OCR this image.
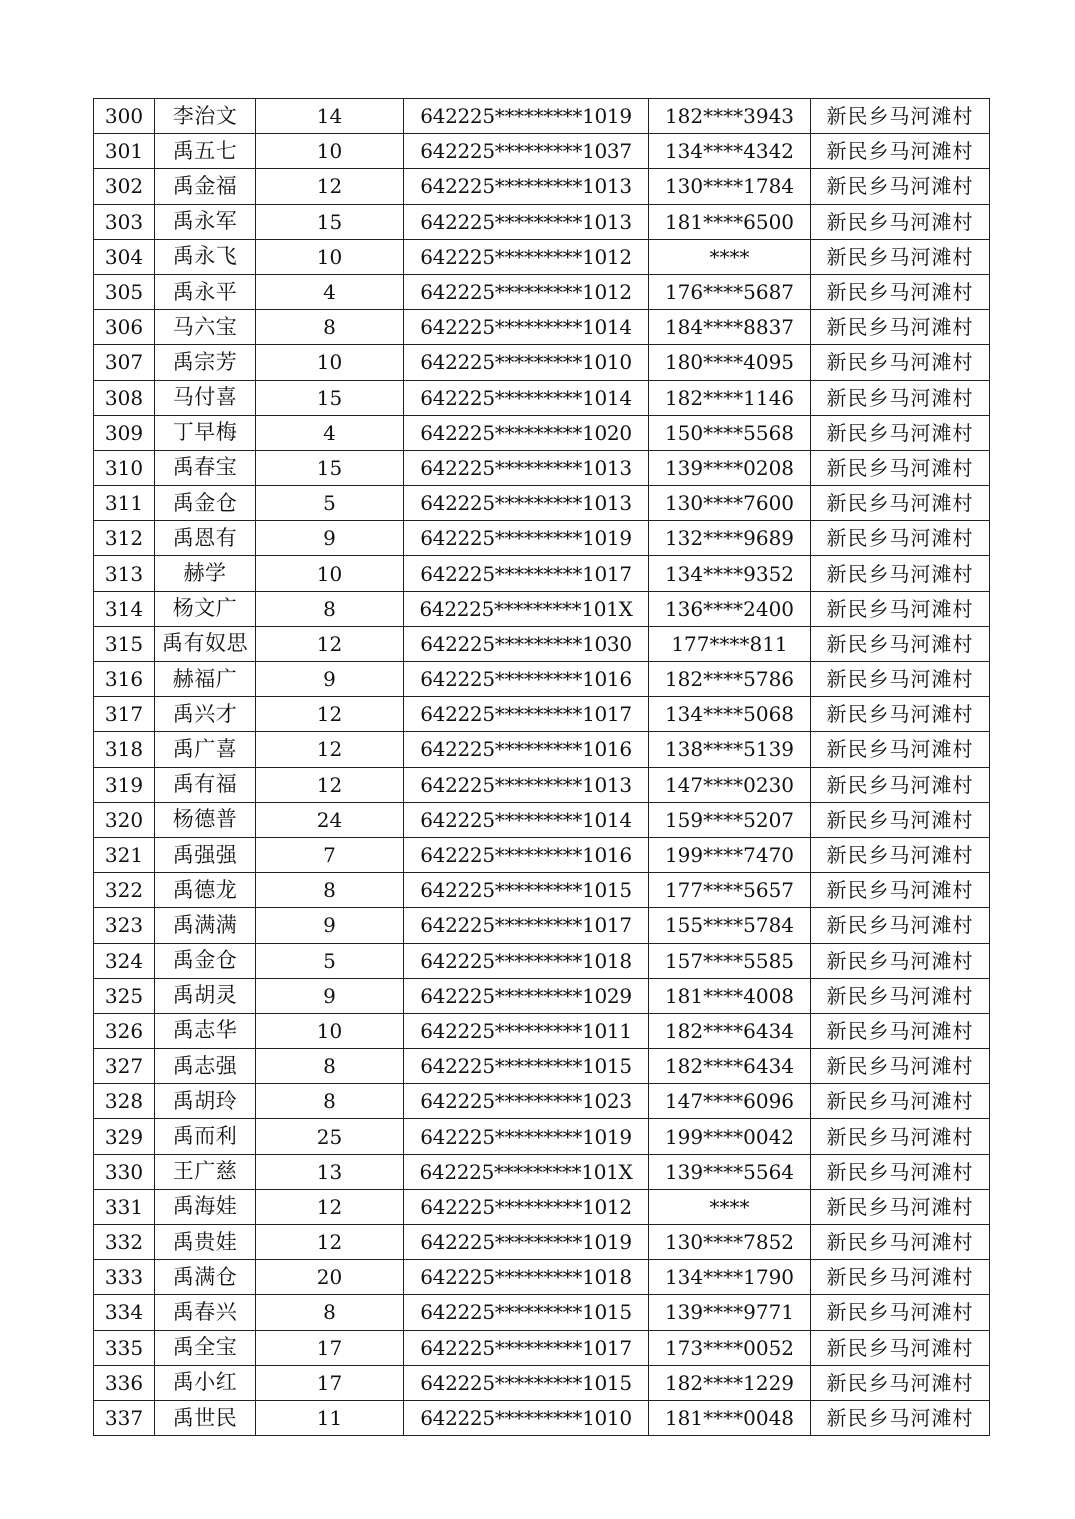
300	李治文	14	642225*********1019	182****3943	新民乡马河滩村
301	禹五七	10	642225*********1037	134****4342	新民乡马河滩村
302	禹金福	12	642225*********1013	130****1784	新民乡马河滩村
303	禹永军	15	642225*********1013	181****6500	新民乡马河滩村
304	禹永飞	10	642225*********1012	****	新民乡马河滩村
305	禹永平	4	642225*********1012	176****5687	新民乡马河滩村
306	马六宝	8	642225*********1014	184****8837	新民乡马河滩村
307	禹宗芳	10	642225*********1010	180****4095	新民乡马河滩村
308	马付喜	15	642225*********1014	182****1146	新民乡马河滩村
309	丁早梅	4	642225*********1020	150****5568	新民乡马河滩村
310	禹春宝	15	642225*********1013	139****0208	新民乡马河滩村
311	禹金仓	5	642225*********1013	130****7600	新民乡马河滩村
312	禹恩有	9	642225*********1019	132****9689	新民乡马河滩村
313	赫学	10	642225*********1017	134****9352	新民乡马河滩村
314	杨文广	8	642225*********101X	136****2400	新民乡马河滩村
315	禹有奴思	12	642225*********1030	177****811	新民乡马河滩村
316	赫福广	9	642225*********1016	182****5786	新民乡马河滩村
317	禹兴才	12	642225*********1017	134****5068	新民乡马河滩村
318	禹广喜	12	642225*********1016	138****5139	新民乡马河滩村
319	禹有福	12	642225*********1013	147****0230	新民乡马河滩村
320	杨德普	24	642225*********1014	159****5207	新民乡马河滩村
321	禹强强	7	642225*********1016	199****7470	新民乡马河滩村
322	禹德龙	8	642225*********1015	177****5657	新民乡马河滩村
323	禹满满	9	642225*********1017	155****5784	新民乡马河滩村
324	禹金仓	5	642225*********1018	157****5585	新民乡马河滩村
325	禹胡灵	9	642225*********1029	181****4008	新民乡马河滩村
326	禹志华	10	642225*********1011	182****6434	新民乡马河滩村
327	禹志强	8	642225*********1015	182****6434	新民乡马河滩村
328	禹胡玲	8	642225*********1023	147****6096	新民乡马河滩村
329	禹而利	25	642225*********1019	199****0042	新民乡马河滩村
330	王广慈	13	642225*********101X	139****5564	新民乡马河滩村
331	禹海娃	12	642225*********1012	****	新民乡马河滩村
332	禹贵娃	12	642225*********1019	130****7852	新民乡马河滩村
333	禹满仓	20	642225*********1018	134****1790	新民乡马河滩村
334	禹春兴	8	642225*********1015	139****9771	新民乡马河滩村
335	禹全宝	17	642225*********1017	173****0052	新民乡马河滩村
336	禹小红	17	642225*********1015	182****1229	新民乡马河滩村
337	禹世民	11	642225*********1010	181****0048	新民乡马河滩村
